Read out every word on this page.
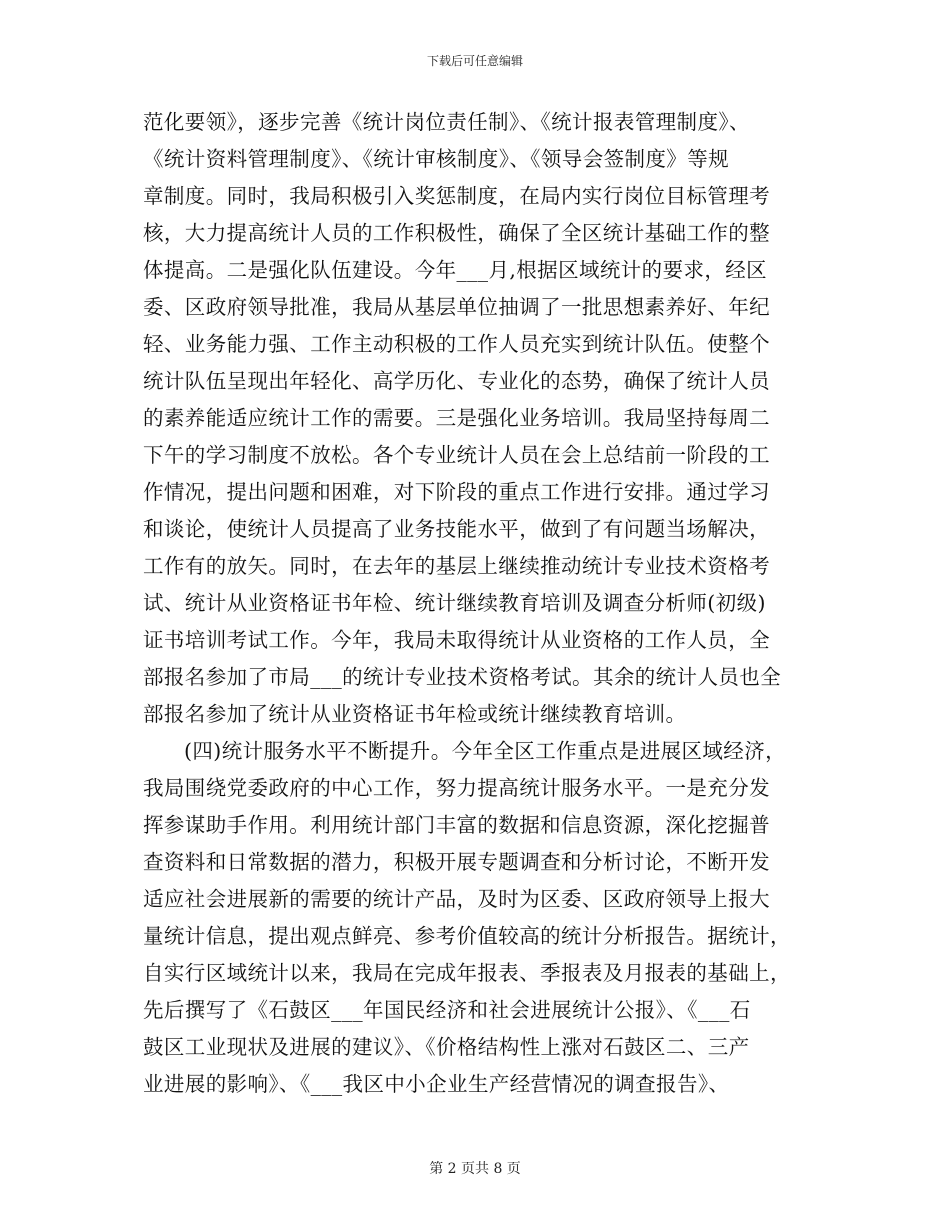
下载后可任意编辑
范化要领》，逐步完善《统计岗位责任制》、《统计报表管理制度》、
《统计资料管理制度》、《统计审核制度》、《领导会签制度》等规
章制度。同时，我局积极引入奖惩制度，在局内实行岗位目标管理考
核，大力提高统计人员的工作积极性，确保了全区统计基础工作的整
体提高。二是强化队伍建设。今年___月,根据区域统计的要求，经区
委、区政府领导批准，我局从基层单位抽调了一批思想素养好、年纪
轻、业务能力强、工作主动积极的工作人员充实到统计队伍。使整个
统计队伍呈现出年轻化、高学历化、专业化的态势，确保了统计人员
的素养能适应统计工作的需要。三是强化业务培训。我局坚持每周二
下午的学习制度不放松。各个专业统计人员在会上总结前一阶段的工
作情况，提出问题和困难，对下阶段的重点工作进行安排。通过学习
和谈论，使统计人员提高了业务技能水平，做到了有问题当场解决，
工作有的放矢。同时，在去年的基层上继续推动统计专业技术资格考
试、统计从业资格证书年检、统计继续教育培训及调查分析师(初级)
证书培训考试工作。今年，我局未取得统计从业资格的工作人员，全
部报名参加了市局___的统计专业技术资格考试。其余的统计人员也全
部报名参加了统计从业资格证书年检或统计继续教育培训。
(四)统计服务水平不断提升。今年全区工作重点是进展区域经济，
我局围绕党委政府的中心工作，努力提高统计服务水平。一是充分发
挥参谋助手作用。利用统计部门丰富的数据和信息资源，深化挖掘普
查资料和日常数据的潜力，积极开展专题调查和分析讨论，不断开发
适应社会进展新的需要的统计产品，及时为区委、区政府领导上报大
量统计信息，提出观点鲜亮、参考价值较高的统计分析报告。据统计，
自实行区域统计以来，我局在完成年报表、季报表及月报表的基础上，
先后撰写了《石鼓区___年国民经济和社会进展统计公报》、《___石
鼓区工业现状及进展的建议》、《价格结构性上涨对石鼓区二、三产
业进展的影响》、《___我区中小企业生产经营情况的调查报告》、
第 2 页共 8 页
